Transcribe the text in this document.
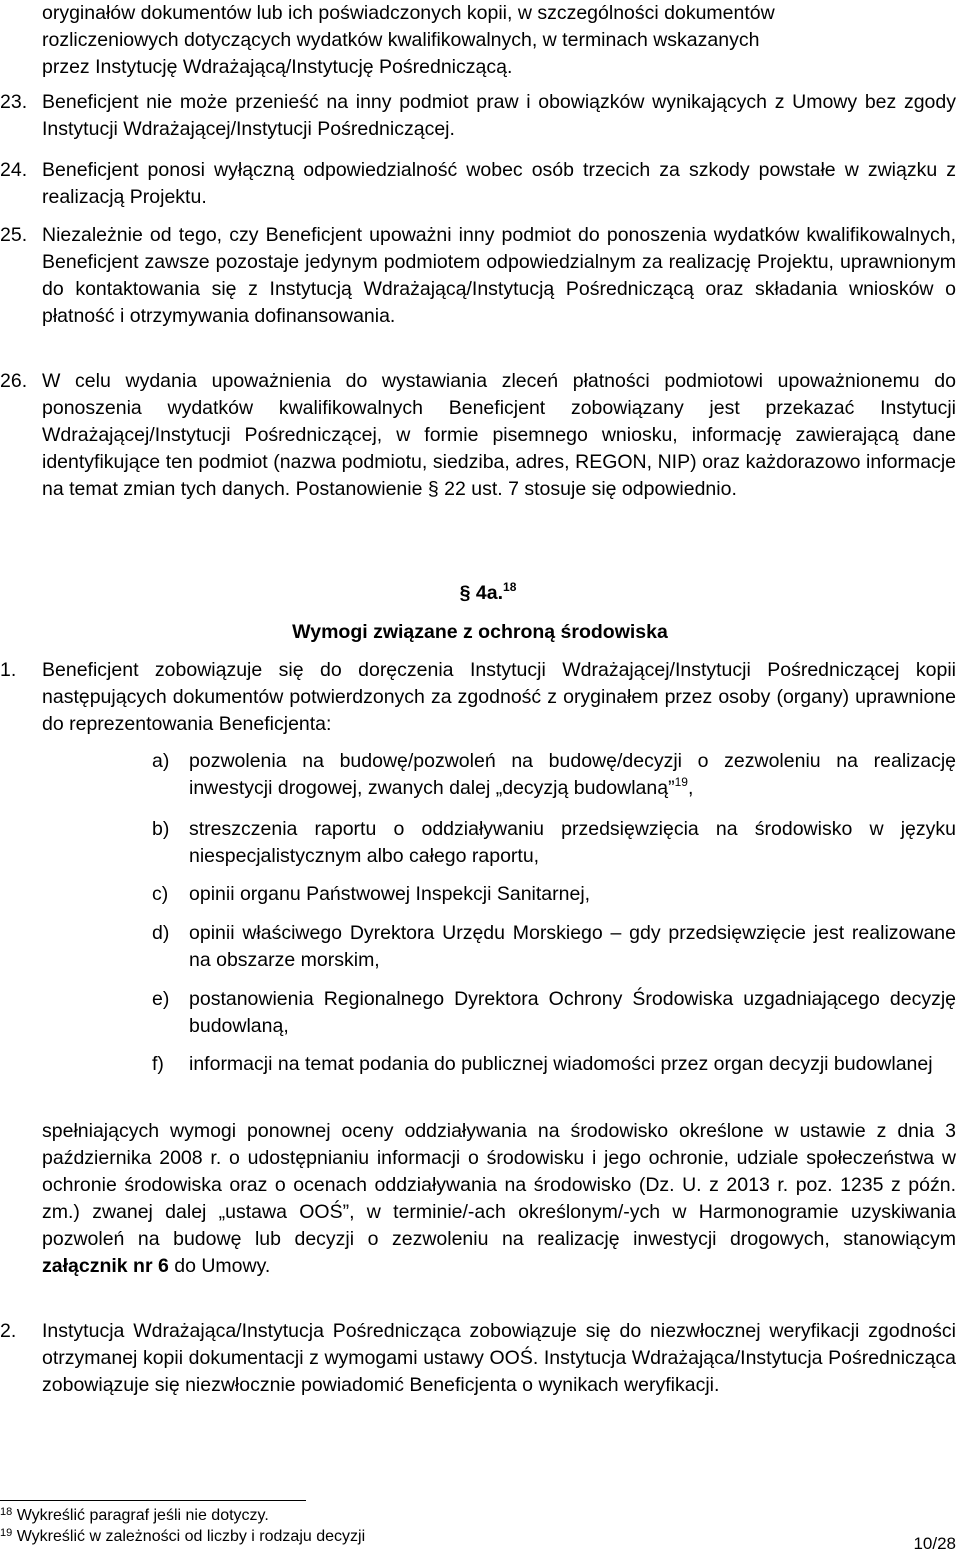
oryginałów dokumentów lub ich poświadczonych kopii, w szczególności dokumentów
rozliczeniowych dotyczących wydatków kwalifikowalnych, w terminach wskazanych
przez Instytucję Wdrażającą/Instytucję Pośredniczącą.

23. Beneficjent nie może przenieść na inny podmiot praw i obowiązków wynikających z Umowy bez zgody Instytucji Wdrażającej/Instytucji Pośredniczącej.

24. Beneficjent ponosi wyłączną odpowiedzialność wobec osób trzecich za szkody powstałe w związku z realizacją Projektu.

25. Niezależnie od tego, czy Beneficjent upoważni inny podmiot do ponoszenia wydatków kwalifikowalnych, Beneficjent zawsze pozostaje jedynym podmiotem odpowiedzialnym za realizację Projektu, uprawnionym do kontaktowania się z Instytucją Wdrażającą/Instytucją Pośredniczącą oraz składania wniosków o płatność i otrzymywania dofinansowania.

26. W celu wydania upoważnienia do wystawiania zleceń płatności podmiotowi upoważnionemu do ponoszenia wydatków kwalifikowalnych Beneficjent zobowiązany jest przekazać Instytucji Wdrażającej/Instytucji Pośredniczącej, w formie pisemnego wniosku, informację zawierającą dane identyfikujące ten podmiot (nazwa podmiotu, siedziba, adres, REGON, NIP) oraz każdorazowo informacje na temat zmian tych danych. Postanowienie § 22 ust. 7 stosuje się odpowiednio.

§ 4a.$^{18}$
Wymogi związane z ochroną środowiska
1. Beneficjent zobowiązuje się do doręczenia Instytucji Wdrażającej/Instytucji Pośredniczącej kopii następujących dokumentów potwierdzonych za zgodność z oryginałem przez osoby (organy) uprawnione do reprezentowania Beneficjenta:

a) pozwolenia na budowę/pozwoleń na budowę/decyzji o zezwoleniu na realizację inwestycji drogowej, zwanych dalej „decyzją budowlaną”$^{19}$,

b) streszczenia raportu o oddziaływaniu przedsięwzięcia na środowisko w języku niespecjalistycznym albo całego raportu,

c) opinii organu Państwowej Inspekcji Sanitarnej,

d) opinii właściwego Dyrektora Urzędu Morskiego – gdy przedsięwzięcie jest realizowane na obszarze morskim,

e) postanowienia Regionalnego Dyrektora Ochrony Środowiska uzgadniającego decyzję budowlaną,

f) informacji na temat podania do publicznej wiadomości przez organ decyzji budowlanej

spełniających wymogi ponownej oceny oddziaływania na środowisko określone w ustawie z dnia 3 października 2008 r. o udostępnianiu informacji o środowisku i jego ochronie, udziale społeczeństwa w ochronie środowiska oraz o ocenach oddziaływania na środowisko (Dz. U. z 2013 r. poz. 1235 z późn. zm.) zwanej dalej „ustawa OOŚ”, w terminie/-ach określonym/-ych w Harmonogramie uzyskiwania pozwoleń na budowę lub decyzji o zezwoleniu na realizację inwestycji drogowych, stanowiącym załącznik nr 6 do Umowy.

2. Instytucja Wdrażająca/Instytucja Pośrednicząca zobowiązuje się do niezwłocznej weryfikacji zgodności otrzymanej kopii dokumentacji z wymogami ustawy OOŚ. Instytucja Wdrażająca/Instytucja Pośrednicząca zobowiązuje się niezwłocznie powiadomić Beneficjenta o wynikach weryfikacji.

$^{18}$ Wykreślić paragraf jeśli nie dotyczy.
$^{19}$ Wykreślić w zależności od liczby i rodzaju decyzji	10/28
